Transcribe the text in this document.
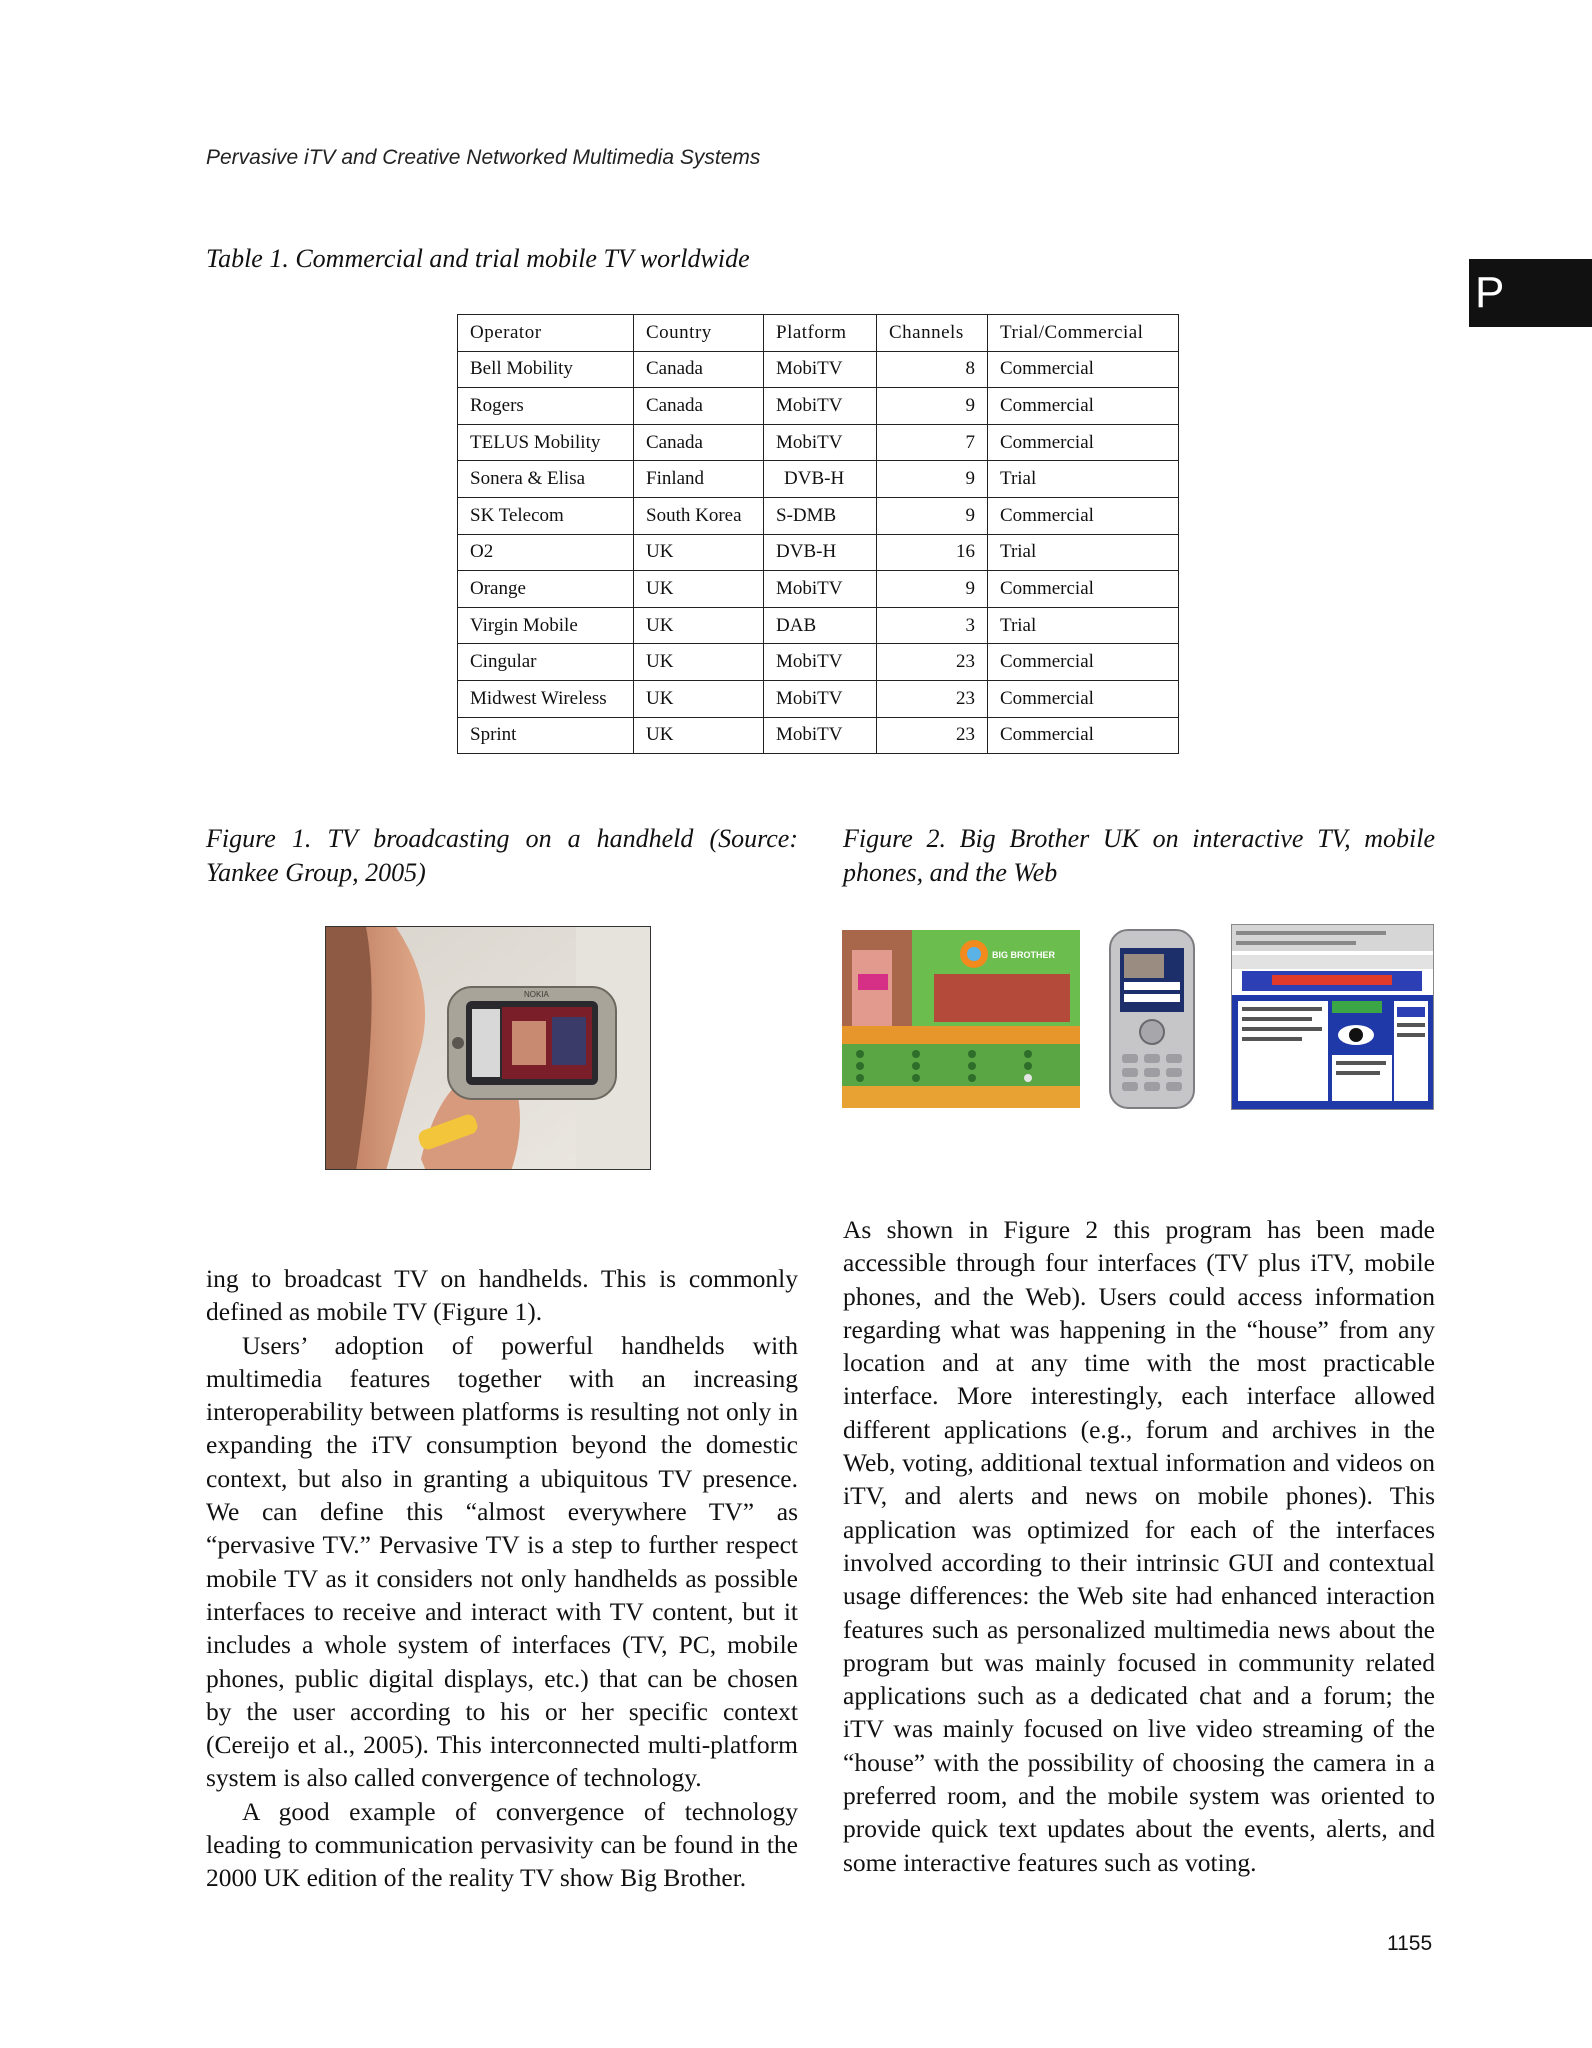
Pervasive iTV and Creative Networked Multimedia Systems
P
Table 1. Commercial and trial mobile TV worldwide
Operator	Country	Platform	Channels	Trial/Commercial
Bell Mobility	Canada	MobiTV	8	Commercial
Rogers	Canada	MobiTV	9	Commercial
TELUS Mobility	Canada	MobiTV	7	Commercial
Sonera & Elisa	Finland	DVB-H	9	Trial
SK Telecom	South Korea	S-DMB	9	Commercial
O2	UK	DVB-H	16	Trial
Orange	UK	MobiTV	9	Commercial
Virgin Mobile	UK	DAB	3	Trial
Cingular	UK	MobiTV	23	Commercial
Midwest Wireless	UK	MobiTV	23	Commercial
Sprint	UK	MobiTV	23	Commercial
Figure 1. TV broadcasting on a handheld (Source: Yankee Group, 2005)
Figure 2. Big Brother UK on interactive TV, mobile phones, and the Web
NOKIA
BIG BROTHER

ing to broadcast TV on handhelds. This is commonly defined as mobile TV (Figure 1).

Users’ adoption of powerful handhelds with multimedia features together with an increasing interoperability between platforms is resulting not only in expanding the iTV consumption beyond the domestic context, but also in granting a ubiquitous TV presence. We can define this “almost everywhere TV” as “pervasive TV.” Pervasive TV is a step to further respect mobile TV as it considers not only handhelds as possible interfaces to receive and interact with TV content, but it includes a whole system of interfaces (TV, PC, mobile phones, public digital displays, etc.) that can be chosen by the user according to his or her specific context (Cereijo et al., 2005). This interconnected multi-platform system is also called convergence of technology.

A good example of convergence of technology leading to communication pervasivity can be found in the 2000 UK edition of the reality TV show Big Brother.

As shown in Figure 2 this program has been made accessible through four interfaces (TV plus iTV, mobile phones, and the Web). Users could access information regarding what was happening in the “house” from any location and at any time with the most practicable interface. More interestingly, each interface allowed different applications (e.g., forum and archives in the Web, voting, additional textual information and videos on iTV, and alerts and news on mobile phones). This application was optimized for each of the interfaces involved according to their intrinsic GUI and contextual usage differences: the Web site had enhanced interaction features such as personalized multimedia news about the program but was mainly focused in community related applications such as a dedicated chat and a forum; the iTV was mainly focused on live video streaming of the “house” with the possibility of choosing the camera in a preferred room, and the mobile system was oriented to provide quick text updates about the events, alerts, and some interactive features such as voting.

1155
